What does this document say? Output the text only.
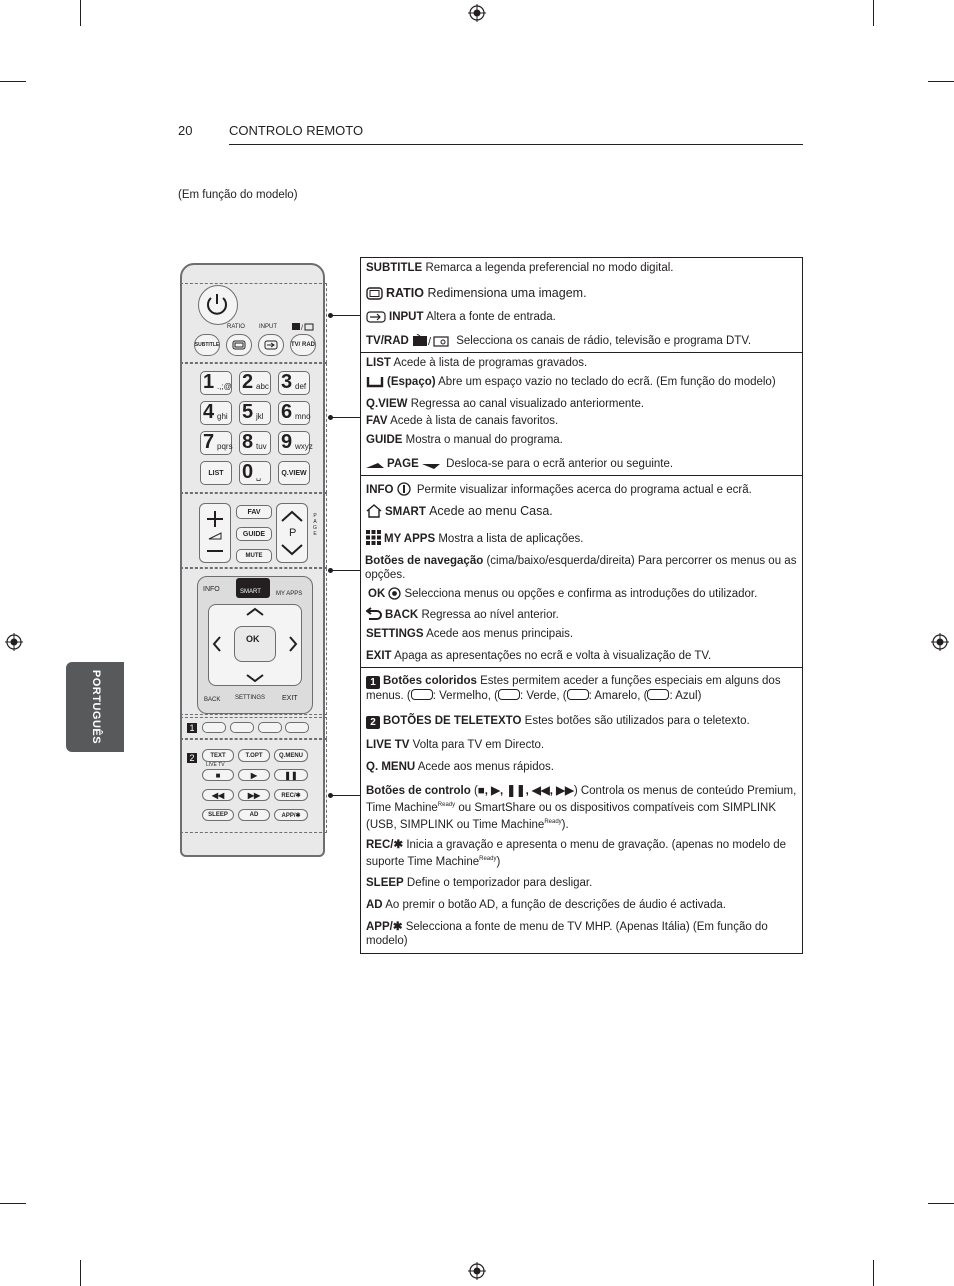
20	CONTROLO REMOTO
(Em função do modelo)
PORTUGUÊS
RATIO INPUT	/
SUBTITLE	TV/ RAD
1 .,;@ 2 abc 3 def
4 ghi 5 jkl 6 mno
7 pqrs 8 tuv 9 wxyz
0 ␣
LIST	Q.VIEW
FAV
GUIDE
MUTE
P
P A G E
INFO	SMART	MY APPS
OK
BACK SETTINGS EXIT
1
2	TEXT	T.OPT	Q.MENU
LIVE TV
■	▶	❚❚
◀◀	▶▶	REC/✱
SLEEP	AD	APP/✱
SUBTITLE Remarca a legenda preferencial no modo digital.
RATIO Redimensiona uma imagem.
INPUT Altera a fonte de entrada.
TV/RAD / Selecciona os canais de rádio, televisão e programa DTV.
LIST Acede à lista de programas gravados.
(Espaço) Abre um espaço vazio no teclado do ecrã. (Em função do modelo)
Q.VIEW Regressa ao canal visualizado anteriormente.
FAV Acede à lista de canais favoritos.
GUIDE Mostra o manual do programa.
PAGE Desloca-se para o ecrã anterior ou seguinte.
INFO Permite visualizar informações acerca do programa actual e ecrã.
SMART Acede ao menu Casa.
MY APPS Mostra a lista de aplicações.
Botões de navegação (cima/baixo/esquerda/direita) Para percorrer os menus ou as opções.
OK Selecciona menus ou opções e confirma as introduções do utilizador.
BACK Regressa ao nível anterior.
SETTINGS Acede aos menus principais.
EXIT Apaga as apresentações no ecrã e volta à visualização de TV.
1 Botões coloridos Estes permitem aceder a funções especiais em alguns dos menus. ( : Vermelho, ( : Verde, ( : Amarelo, ( : Azul)
2 BOTÕES DE TELETEXTO Estes botões são utilizados para o teletexto.
LIVE TV Volta para TV em Directo.
Q. MENU Acede aos menus rápidos.
Botões de controlo (■, ▶, ❚❚, ◀◀, ▶▶) Controla os menus de conteúdo Premium, Time Machine$^{Ready}$ ou SmartShare ou os dispositivos compatíveis com SIMPLINK (USB, SIMPLINK ou Time Machine$^{Ready}$).
REC/✱ Inicia a gravação e apresenta o menu de gravação. (apenas no modelo de suporte Time Machine$^{Ready}$)
SLEEP Define o temporizador para desligar.
AD Ao premir o botão AD, a função de descrições de áudio é activada.
APP/✱ Selecciona a fonte de menu de TV MHP. (Apenas Itália) (Em função do modelo)
